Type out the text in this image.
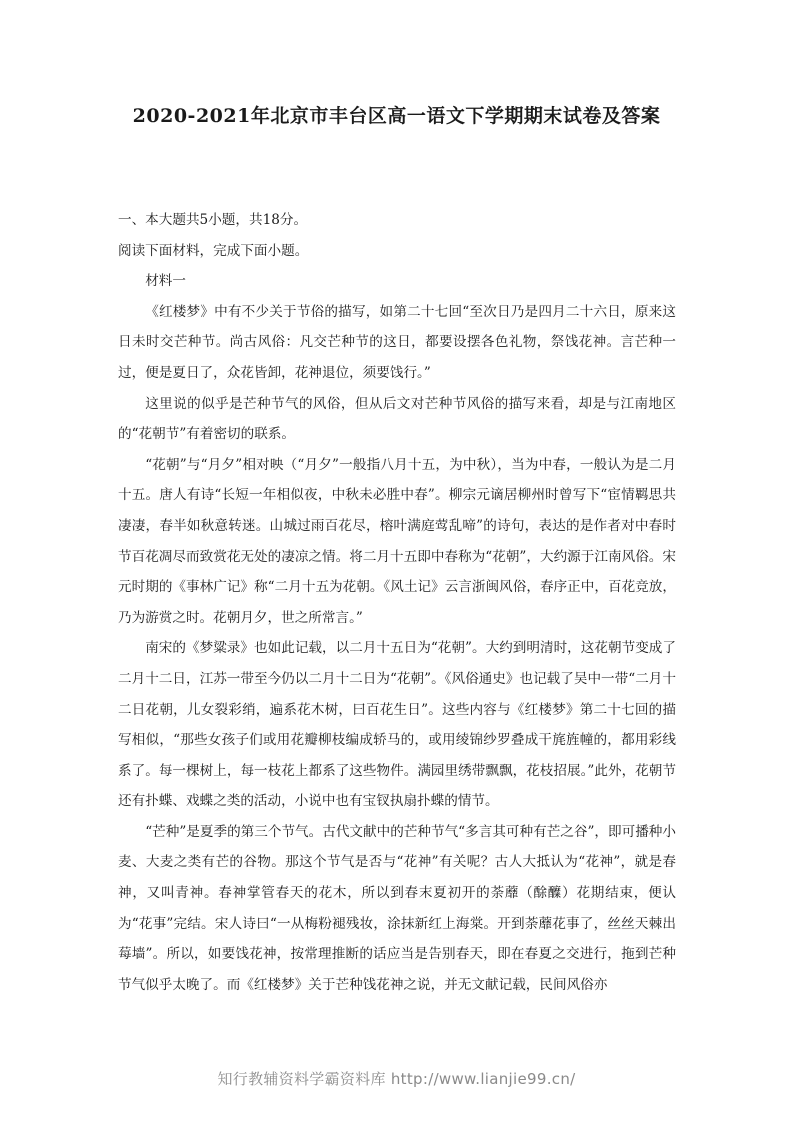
2020-2021年北京市丰台区高一语文下学期期末试卷及答案

一、本大题共5小题，共18分。

阅读下面材料，完成下面小题。

材料一

《红楼梦》中有不少关于节俗的描写，如第二十七回“至次日乃是四月二十六日，原来这日未时交芒种节。尚古风俗：凡交芒种节的这日，都要设摆各色礼物，祭饯花神。言芒种一过，便是夏日了，众花皆卸，花神退位，须要饯行。”

这里说的似乎是芒种节气的风俗，但从后文对芒种节风俗的描写来看，却是与江南地区的“花朝节”有着密切的联系。

“花朝”与“月夕”相对映（“月夕”一般指八月十五，为中秋），当为中春，一般认为是二月十五。唐人有诗“长短一年相似夜，中秋未必胜中春”。柳宗元谪居柳州时曾写下“宦情羁思共凄凄，春半如秋意转迷。山城过雨百花尽，榕叶满庭莺乱啼”的诗句，表达的是作者对中春时节百花凋尽而致赏花无处的凄凉之情。将二月十五即中春称为“花朝”，大约源于江南风俗。宋元时期的《事林广记》称“二月十五为花朝。《风土记》云言浙闽风俗，春序正中，百花竞放，乃为游赏之时。花朝月夕，世之所常言。”

南宋的《梦粱录》也如此记载，以二月十五日为“花朝”。大约到明清时，这花朝节变成了二月十二日，江苏一带至今仍以二月十二日为“花朝”。《风俗通史》也记载了吴中一带“二月十二日花朝，儿女裂彩绡，遍系花木树，曰百花生日”。这些内容与《红楼梦》第二十七回的描写相似，“那些女孩子们或用花瓣柳枝编成轿马的，或用绫锦纱罗叠成干旄旌幢的，都用彩线系了。每一棵树上，每一枝花上都系了这些物件。满园里绣带飘飘，花枝招展。”此外，花朝节还有扑蝶、戏蝶之类的活动，小说中也有宝钗执扇扑蝶的情节。

“芒种”是夏季的第三个节气。古代文献中的芒种节气“多言其可种有芒之谷”，即可播种小麦、大麦之类有芒的谷物。那这个节气是否与“花神”有关呢？古人大抵认为“花神”，就是春神，又叫青神。春神掌管春天的花木，所以到春末夏初开的荼蘼（酴醾）花期结束，便认为“花事”完结。宋人诗曰“一从梅粉褪残妆，涂抹新红上海棠。开到荼蘼花事了，丝丝天棘出莓墙”。所以，如要饯花神，按常理推断的话应当是告别春天，即在春夏之交进行，拖到芒种节气似乎太晚了。而《红楼梦》关于芒种饯花神之说，并无文献记载，民间风俗亦

知行教辅资料学霸资料库 http://www.lianjie99.cn/
